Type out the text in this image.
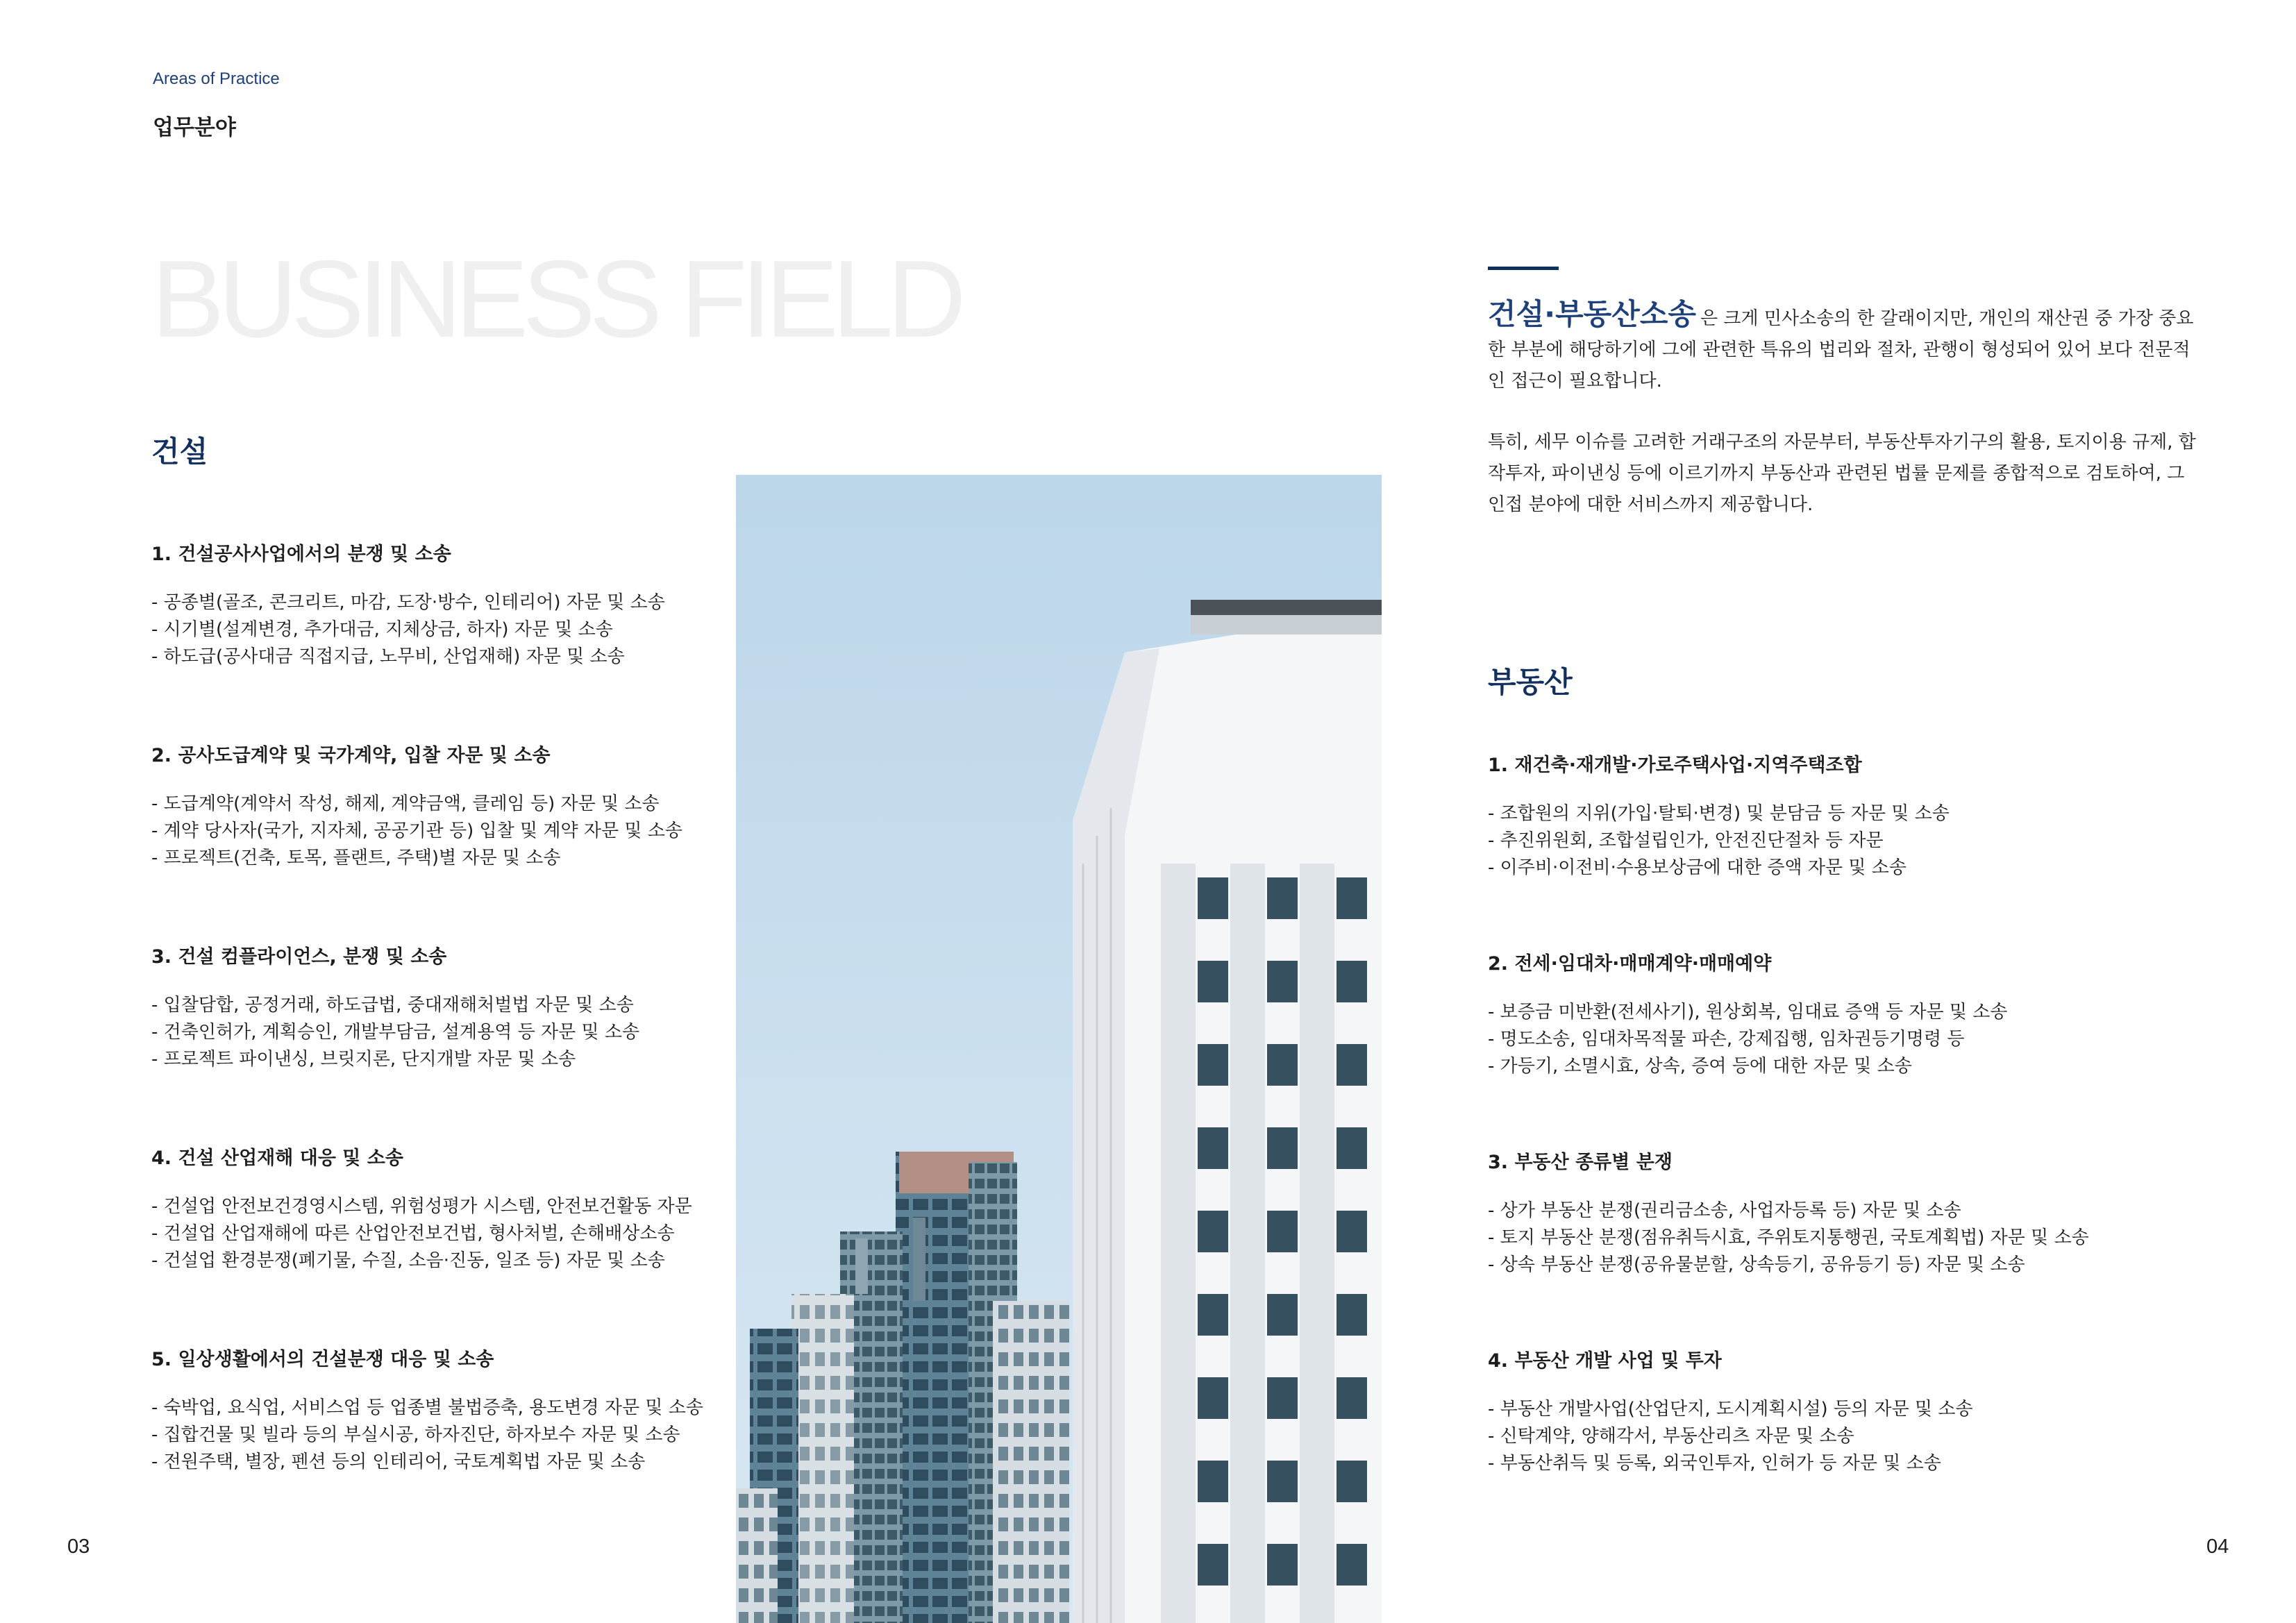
Areas of Practice
업무분야
BUSINESS FIELD
건설
1. 건설공사사업에서의 분쟁 및 소송
- 공종별(골조, 콘크리트, 마감, 도장·방수, 인테리어) 자문 및 소송
- 시기별(설계변경, 추가대금, 지체상금, 하자) 자문 및 소송
- 하도급(공사대금 직접지급, 노무비, 산업재해) 자문 및 소송
2. 공사도급계약 및 국가계약, 입찰 자문 및 소송
- 도급계약(계약서 작성, 해제, 계약금액, 클레임 등) 자문 및 소송
- 계약 당사자(국가, 지자체, 공공기관 등) 입찰 및 계약 자문 및 소송
- 프로젝트(건축, 토목, 플랜트, 주택)별 자문 및 소송
3. 건설 컴플라이언스, 분쟁 및 소송
- 입찰담합, 공정거래, 하도급법, 중대재해처벌법 자문 및 소송
- 건축인허가, 계획승인, 개발부담금, 설계용역 등 자문 및 소송
- 프로젝트 파이낸싱, 브릿지론, 단지개발 자문 및 소송
4. 건설 산업재해 대응 및 소송
- 건설업 안전보건경영시스템, 위험성평가 시스템, 안전보건활동 자문
- 건설업 산업재해에 따른 산업안전보건법, 형사처벌, 손해배상소송
- 건설업 환경분쟁(폐기물, 수질, 소음·진동, 일조 등) 자문 및 소송
5. 일상생활에서의 건설분쟁 대응 및 소송
- 숙박업, 요식업, 서비스업 등 업종별 불법증축, 용도변경 자문 및 소송
- 집합건물 및 빌라 등의 부실시공, 하자진단, 하자보수 자문 및 소송
- 전원주택, 별장, 펜션 등의 인테리어, 국토계획법 자문 및 소송
건설·부동산소송 은 크게 민사소송의 한 갈래이지만, 개인의 재산권 중 가장 중요한 부분에 해당하기에 그에 관련한 특유의 법리와 절차, 관행이 형성되어 있어 보다 전문적인 접근이 필요합니다.
특히, 세무 이슈를 고려한 거래구조의 자문부터, 부동산투자기구의 활용, 토지이용 규제, 합작투자, 파이낸싱 등에 이르기까지 부동산과 관련된 법률 문제를 종합적으로 검토하여, 그 인접 분야에 대한 서비스까지 제공합니다.
부동산
1. 재건축·재개발·가로주택사업·지역주택조합
- 조합원의 지위(가입·탈퇴·변경) 및 분담금 등 자문 및 소송
- 추진위원회, 조합설립인가, 안전진단절차 등 자문
- 이주비·이전비·수용보상금에 대한 증액 자문 및 소송
2. 전세·임대차·매매계약·매매예약
- 보증금 미반환(전세사기), 원상회복, 임대료 증액 등 자문 및 소송
- 명도소송, 임대차목적물 파손, 강제집행, 임차권등기명령 등
- 가등기, 소멸시효, 상속, 증여 등에 대한 자문 및 소송
3. 부동산 종류별 분쟁
- 상가 부동산 분쟁(권리금소송, 사업자등록 등) 자문 및 소송
- 토지 부동산 분쟁(점유취득시효, 주위토지통행권, 국토계획법) 자문 및 소송
- 상속 부동산 분쟁(공유물분할, 상속등기, 공유등기 등) 자문 및 소송
4. 부동산 개발 사업 및 투자
- 부동산 개발사업(산업단지, 도시계획시설) 등의 자문 및 소송
- 신탁계약, 양해각서, 부동산리츠 자문 및 소송
- 부동산취득 및 등록, 외국인투자, 인허가 등 자문 및 소송
03	04
